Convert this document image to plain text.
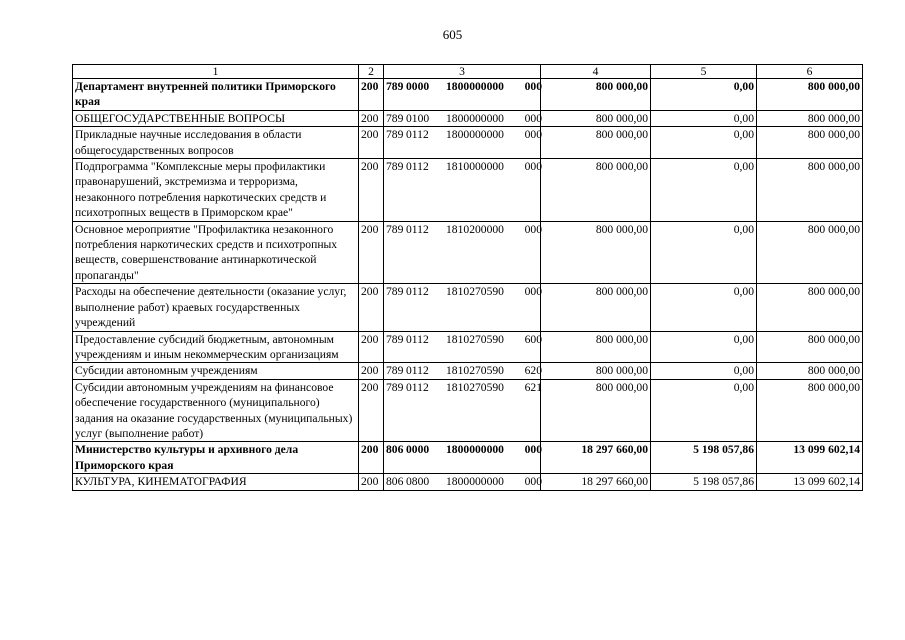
605
1	2	3	4	5	6
Департамент внутренней политики Приморского края	200	789 0000 1800000000 000	800 000,00	0,00	800 000,00
ОБЩЕГОСУДАРСТВЕННЫЕ ВОПРОСЫ	200	789 0100 1800000000 000	800 000,00	0,00	800 000,00
Прикладные научные исследования в области общегосударственных вопросов	200	789 0112 1800000000 000	800 000,00	0,00	800 000,00
Подпрограмма "Комплексные меры профилактики правонарушений, экстремизма и терроризма, незаконного потребления наркотических средств и психотропных веществ в Приморском крае"	200	789 0112 1810000000 000	800 000,00	0,00	800 000,00
Основное мероприятие "Профилактика незаконного потребления наркотических средств и психотропных веществ, совершенствование антинаркотической пропаганды"	200	789 0112 1810200000 000	800 000,00	0,00	800 000,00
Расходы на обеспечение деятельности (оказание услуг, выполнение работ) краевых государственных учреждений	200	789 0112 1810270590 000	800 000,00	0,00	800 000,00
Предоставление субсидий бюджетным, автономным учреждениям и иным некоммерческим организациям	200	789 0112 1810270590 600	800 000,00	0,00	800 000,00
Субсидии автономным учреждениям	200	789 0112 1810270590 620	800 000,00	0,00	800 000,00
Субсидии автономным учреждениям на финансовое обеспечение государственного (муниципального) задания на оказание государственных (муниципальных) услуг (выполнение работ)	200	789 0112 1810270590 621	800 000,00	0,00	800 000,00
Министерство культуры и архивного дела Приморского края	200	806 0000 1800000000 000	18 297 660,00	5 198 057,86	13 099 602,14
КУЛЬТУРА, КИНЕМАТОГРАФИЯ	200	806 0800 1800000000 000	18 297 660,00	5 198 057,86	13 099 602,14
